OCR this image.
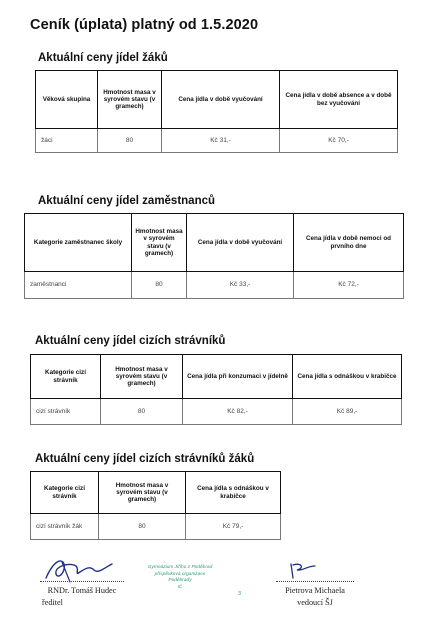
Ceník (úplata) platný od 1.5.2020
Aktuální ceny jídel žáků
Věková skupina	Hmotnost masa v syrovém stavu (v gramech)	Cena jídla v době vyučování	Cena jídla v době absence a v době bez vyučování
žáci	80	Kč 31,-	Kč 70,-
Aktuální ceny jídel zaměstnanců
Kategorie zaměstnanec školy	Hmotnost masa v syrovém stavu (v gramech)	Cena jídla v době vyučování	Cena jídla v době nemoci od prvního dne
zaměstnanci	80	Kč 33,-	Kč 72,-
Aktuální ceny jídel cizích strávníků
Kategorie cizí strávník	Hmotnost masa v syrovém stavu (v gramech)	Cena jídla při konzumaci v jídelně	Cena jídla s odnáškou v krabičce
cizí strávník	80	Kč 82,-	Kč 89,-
Aktuální ceny jídel cizích strávníků žáků
Kategorie cizí strávník	Hmotnost masa v syrovém stavu (v gramech)	Cena jídla s odnáškou v krabičce
cizí strávník žák	80	Kč 79,-
RNDr. Tomáš Hudec
ředitel
Gymnázium Jiřího z Poděbrad
příspěvková organizace
Poděbrady
IČ
3	Pietrova Michaela
vedoucí ŠJ
